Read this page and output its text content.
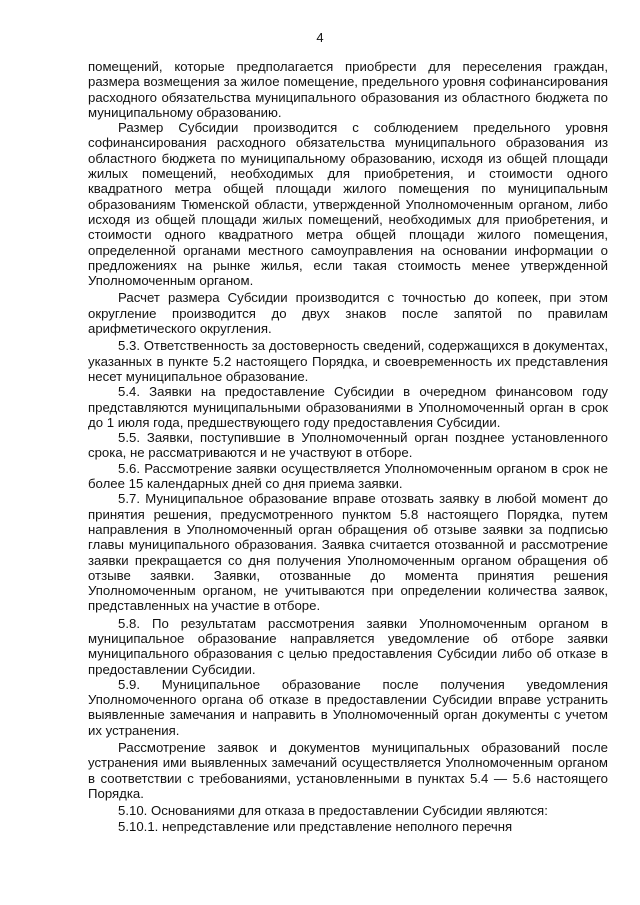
4

помещений, которые предполагается приобрести для переселения граждан, размера возмещения за жилое помещение, предельного уровня софинансирования расходного обязательства муниципального образования из областного бюджета по муниципальному образованию.

Размер Субсидии производится с соблюдением предельного уровня софинансирования расходного обязательства муниципального образования из областного бюджета по муниципальному образованию, исходя из общей площади жилых помещений, необходимых для приобретения, и стоимости одного квадратного метра общей площади жилого помещения по муниципальным образованиям Тюменской области, утвержденной Уполномоченным органом, либо исходя из общей площади жилых помещений, необходимых для приобретения, и стоимости одного квадратного метра общей площади жилого помещения, определенной органами местного самоуправления на основании информации о предложениях на рынке жилья, если такая стоимость менее утвержденной Уполномоченным органом.

Расчет размера Субсидии производится с точностью до копеек, при этом округление производится до двух знаков после запятой по правилам арифметического округления.

5.3. Ответственность за достоверность сведений, содержащихся в документах, указанных в пункте 5.2 настоящего Порядка, и своевременность их представления несет муниципальное образование.

5.4. Заявки на предоставление Субсидии в очередном финансовом году представляются муниципальными образованиями в Уполномоченный орган в срок до 1 июля года, предшествующего году предоставления Субсидии.

5.5. Заявки, поступившие в Уполномоченный орган позднее установленного срока, не рассматриваются и не участвуют в отборе.

5.6. Рассмотрение заявки осуществляется Уполномоченным органом в срок не более 15 календарных дней со дня приема заявки.

5.7. Муниципальное образование вправе отозвать заявку в любой момент до принятия решения, предусмотренного пунктом 5.8 настоящего Порядка, путем направления в Уполномоченный орган обращения об отзыве заявки за подписью главы муниципального образования. Заявка считается отозванной и рассмотрение заявки прекращается со дня получения Уполномоченным органом обращения об отзыве заявки. Заявки, отозванные до момента принятия решения Уполномоченным органом, не учитываются при определении количества заявок, представленных на участие в отборе.

5.8. По результатам рассмотрения заявки Уполномоченным органом в муниципальное образование направляется уведомление об отборе заявки муниципального образования с целью предоставления Субсидии либо об отказе в предоставлении Субсидии.

5.9. Муниципальное образование после получения уведомления Уполномоченного органа об отказе в предоставлении Субсидии вправе устранить выявленные замечания и направить в Уполномоченный орган документы с учетом их устранения.

Рассмотрение заявок и документов муниципальных образований после устранения ими выявленных замечаний осуществляется Уполномоченным органом в соответствии с требованиями, установленными в пунктах 5.4 — 5.6 настоящего Порядка.

5.10. Основаниями для отказа в предоставлении Субсидии являются:

5.10.1. непредставление или представление неполного перечня
